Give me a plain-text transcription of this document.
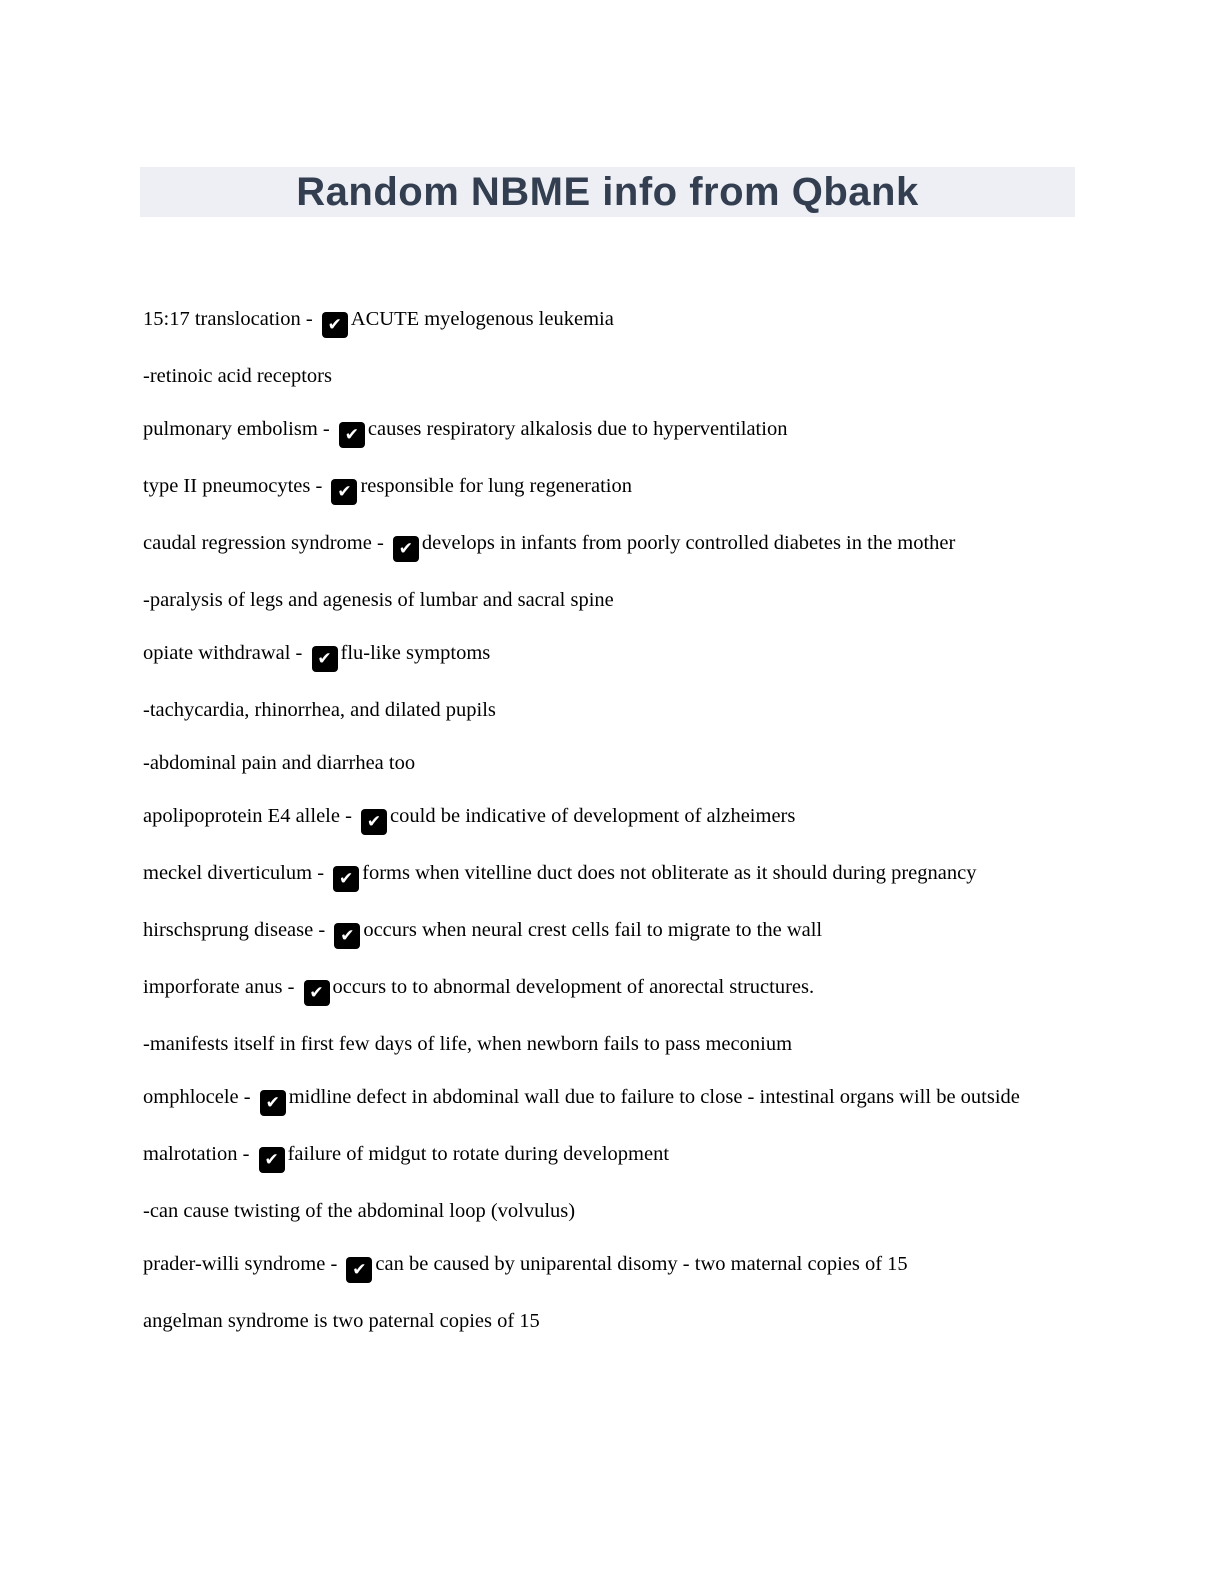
Random NBME info from Qbank

15:17 translocation - ✔ ACUTE myelogenous leukemia

-retinoic acid receptors

pulmonary embolism - ✔ causes respiratory alkalosis due to hyperventilation

type II pneumocytes - ✔ responsible for lung regeneration

caudal regression syndrome - ✔ develops in infants from poorly controlled diabetes in the mother

-paralysis of legs and agenesis of lumbar and sacral spine

opiate withdrawal - ✔ flu-like symptoms

-tachycardia, rhinorrhea, and dilated pupils

-abdominal pain and diarrhea too

apolipoprotein E4 allele - ✔ could be indicative of development of alzheimers

meckel diverticulum - ✔ forms when vitelline duct does not obliterate as it should during pregnancy

hirschsprung disease - ✔ occurs when neural crest cells fail to migrate to the wall

imporforate anus - ✔ occurs to to abnormal development of anorectal structures.

-manifests itself in first few days of life, when newborn fails to pass meconium

omphlocele - ✔ midline defect in abdominal wall due to failure to close - intestinal organs will be outside

malrotation - ✔ failure of midgut to rotate during development

-can cause twisting of the abdominal loop (volvulus)

prader-willi syndrome - ✔ can be caused by uniparental disomy - two maternal copies of 15

angelman syndrome is two paternal copies of 15
